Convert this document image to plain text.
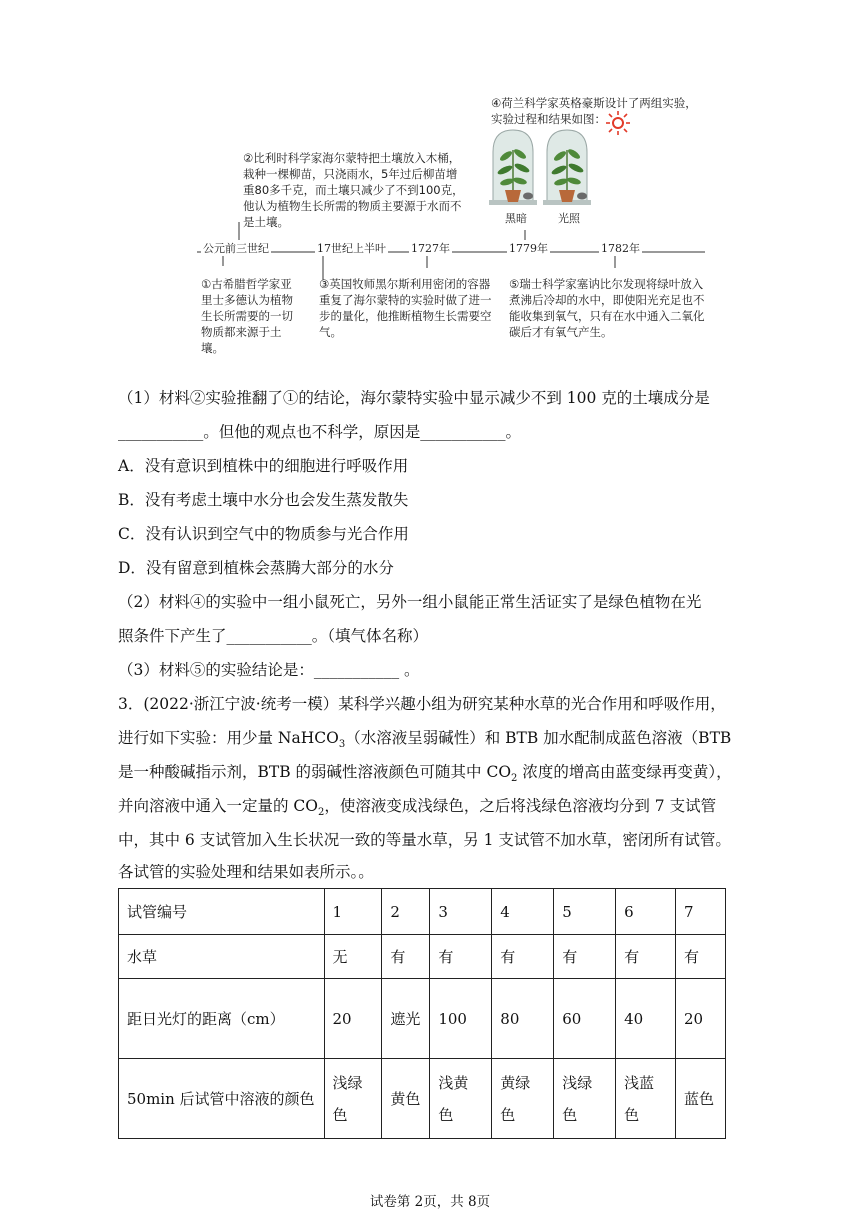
公元前三世纪	17世纪上半叶 1727年	1779年	1782年
②比利时科学家海尔蒙特把土壤放入木桶，栽种一棵柳苗，只浇雨水，5年过后柳苗增重80多千克，而土壤只减少了不到100克，他认为植物生长所需的物质主要源于水而不是土壤。
④荷兰科学家英格豪斯设计了两组实验，实验过程和结果如图：
黑暗	光照
①古希腊哲学家亚里士多德认为植物生长所需要的一切物质都来源于土壤。
③英国牧师黑尔斯利用密闭的容器重复了海尔蒙特的实验时做了进一步的量化，他推断植物生长需要空气。
⑤瑞士科学家塞讷比尔发现将绿叶放入煮沸后冷却的水中，即使阳光充足也不能收集到氧气，只有在水中通入二氧化碳后才有氧气产生。
（1）材料②实验推翻了①的结论，海尔蒙特实验中显示减少不到 100 克的土壤成分是
___________。但他的观点也不科学，原因是___________。
A．没有意识到植株中的细胞进行呼吸作用
B．没有考虑土壤中水分也会发生蒸发散失
C．没有认识到空气中的物质参与光合作用
D．没有留意到植株会蒸腾大部分的水分
（2）材料④的实验中一组小鼠死亡，另外一组小鼠能正常生活证实了是绿色植物在光
照条件下产生了___________。（填气体名称）
（3）材料⑤的实验结论是：___________ 。
3．(2022·浙江宁波·统考一模）某科学兴趣小组为研究某种水草的光合作用和呼吸作用，
进行如下实验：用少量 NaHCO$_3$（水溶液呈弱碱性）和 BTB 加水配制成蓝色溶液（BTB
是一种酸碱指示剂，BTB 的弱碱性溶液颜色可随其中 $CO_2$ 浓度的增高由蓝变绿再变黄），
并向溶液中通入一定量的 $CO_2$，使溶液变成浅绿色，之后将浅绿色溶液均分到 7 支试管
中，其中 6 支试管加入生长状况一致的等量水草，另 1 支试管不加水草，密闭所有试管。
各试管的实验处理和结果如表所示。。
试管编号	1	2	3	4	5	6	7
水草	无	有	有	有	有	有	有
距日光灯的距离（cm）	20	遮光	100	80	60	40	20
50min 后试管中溶液的颜色	浅绿色	黄色	浅黄色	黄绿色	浅绿色	浅蓝色	蓝色
试卷第 2页，共 8页
